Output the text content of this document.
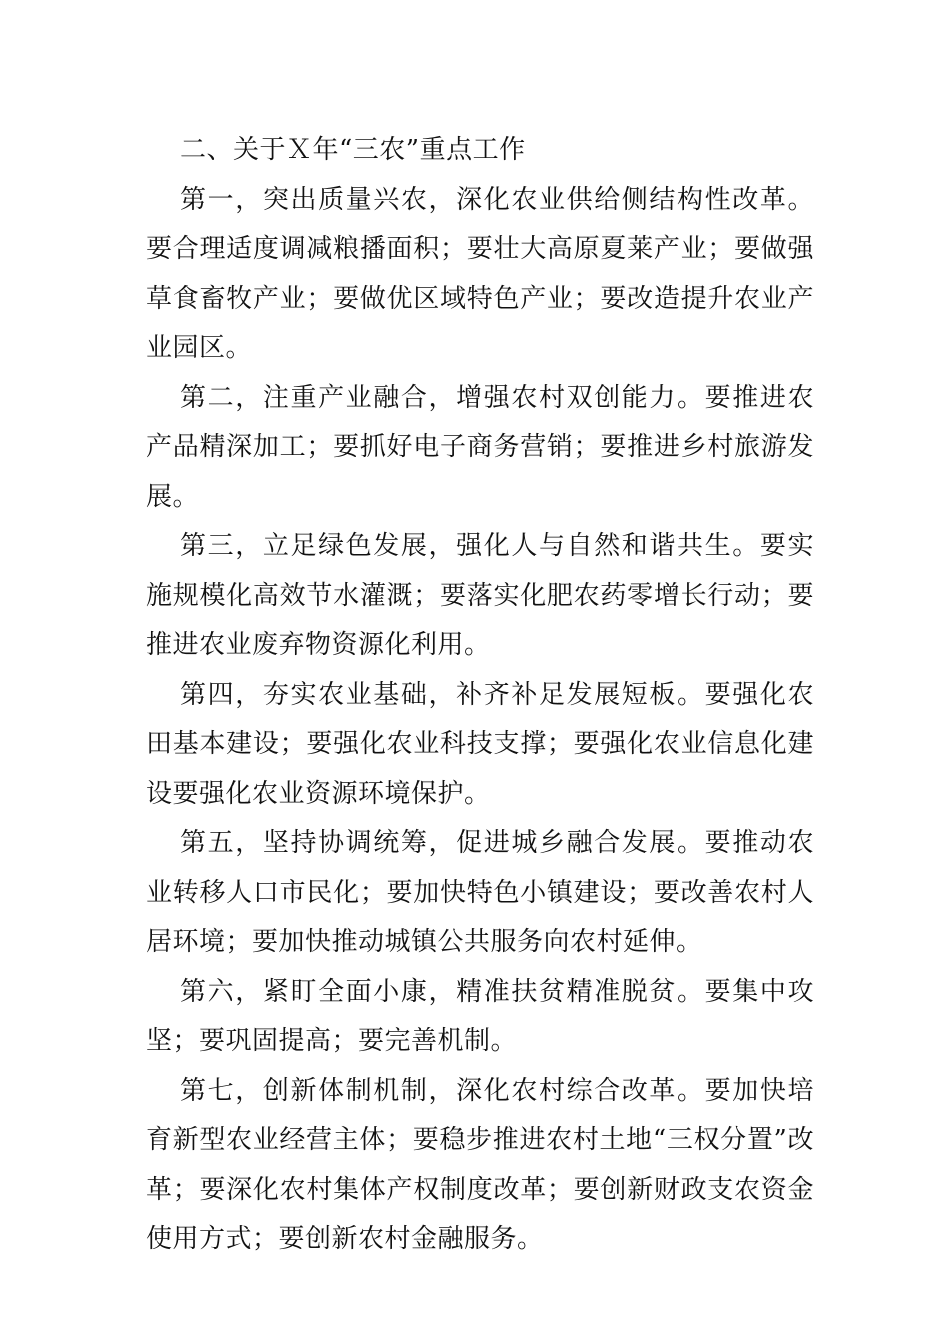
二、关于Ｘ年“三农”重点工作

第一，突出质量兴农，深化农业供给侧结构性改革。要合理适度调减粮播面积；要壮大高原夏莱产业；要做强草食畜牧产业；要做优区域特色产业；要改造提升农业产业园区。

第二，注重产业融合，增强农村双创能力。要推进农产品精深加工；要抓好电子商务营销；要推进乡村旅游发展。

第三，立足绿色发展，强化人与自然和谐共生。要实施规模化高效节水灌溉；要落实化肥农药零增长行动；要推进农业废弃物资源化利用。

第四，夯实农业基础，补齐补足发展短板。要强化农田基本建设；要强化农业科技支撑；要强化农业信息化建设要强化农业资源环境保护。

第五，坚持协调统筹，促进城乡融合发展。要推动农业转移人口市民化；要加快特色小镇建设；要改善农村人居环境；要加快推动城镇公共服务向农村延伸。

第六，紧盯全面小康，精准扶贫精准脱贫。要集中攻坚；要巩固提高；要完善机制。

第七，创新体制机制，深化农村综合改革。要加快培育新型农业经营主体；要稳步推进农村土地“三权分置”改革；要深化农村集体产权制度改革；要创新财政支农资金使用方式；要创新农村金融服务。
